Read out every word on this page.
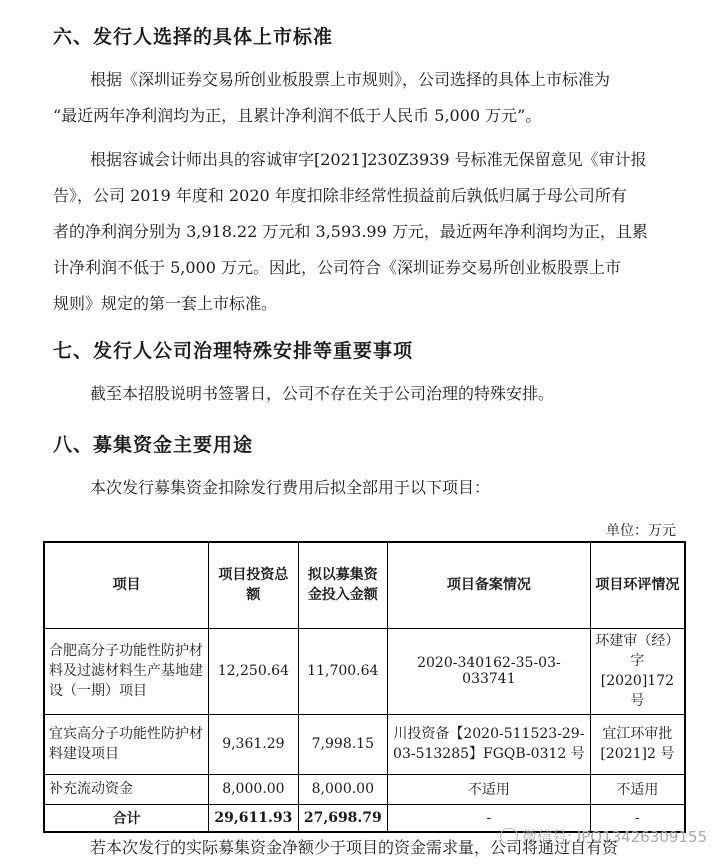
六、发行人选择的具体上市标准

根据《深圳证券交易所创业板股票上市规则》，公司选择的具体上市标准为

“最近两年净利润均为正，且累计净利润不低于人民币 5,000 万元”。

根据容诚会计师出具的容诚审字[2021]230Z3939 号标准无保留意见《审计报

告》，公司 2019 年度和 2020 年度扣除非经常性损益前后孰低归属于母公司所有

者的净利润分别为 3,918.22 万元和 3,593.99 万元，最近两年净利润均为正，且累

计净利润不低于 5,000 万元。因此，公司符合《深圳证券交易所创业板股票上市

规则》规定的第一套上市标准。

七、发行人公司治理特殊安排等重要事项

截至本招股说明书签署日，公司不存在关于公司治理的特殊安排。

八、募集资金主要用途

本次发行募集资金扣除发行费用后拟全部用于以下项目：

单位：万元
项目	项目投资总额	拟以募集资金投入金额	项目备案情况	项目环评情况
合肥高分子功能性防护材料及过滤材料生产基地建设（一期）项目	12,250.64	11,700.64	2020-340162-35-03-033741	环建审（经）字[2020]172号
宜宾高分子功能性防护材料建设项目	9,361.29	7,998.15	川投资备【2020-511523-29-03-513285】FGQB-0312 号	宜江环审批[2021]2 号
补充流动资金	8,000.00	8,000.00	不适用	不适用
合计	29,611.93	27,698.79	-	-
微信号: IPO13426309155

若本次发行的实际募集资金净额少于项目的资金需求量，公司将通过自有资
